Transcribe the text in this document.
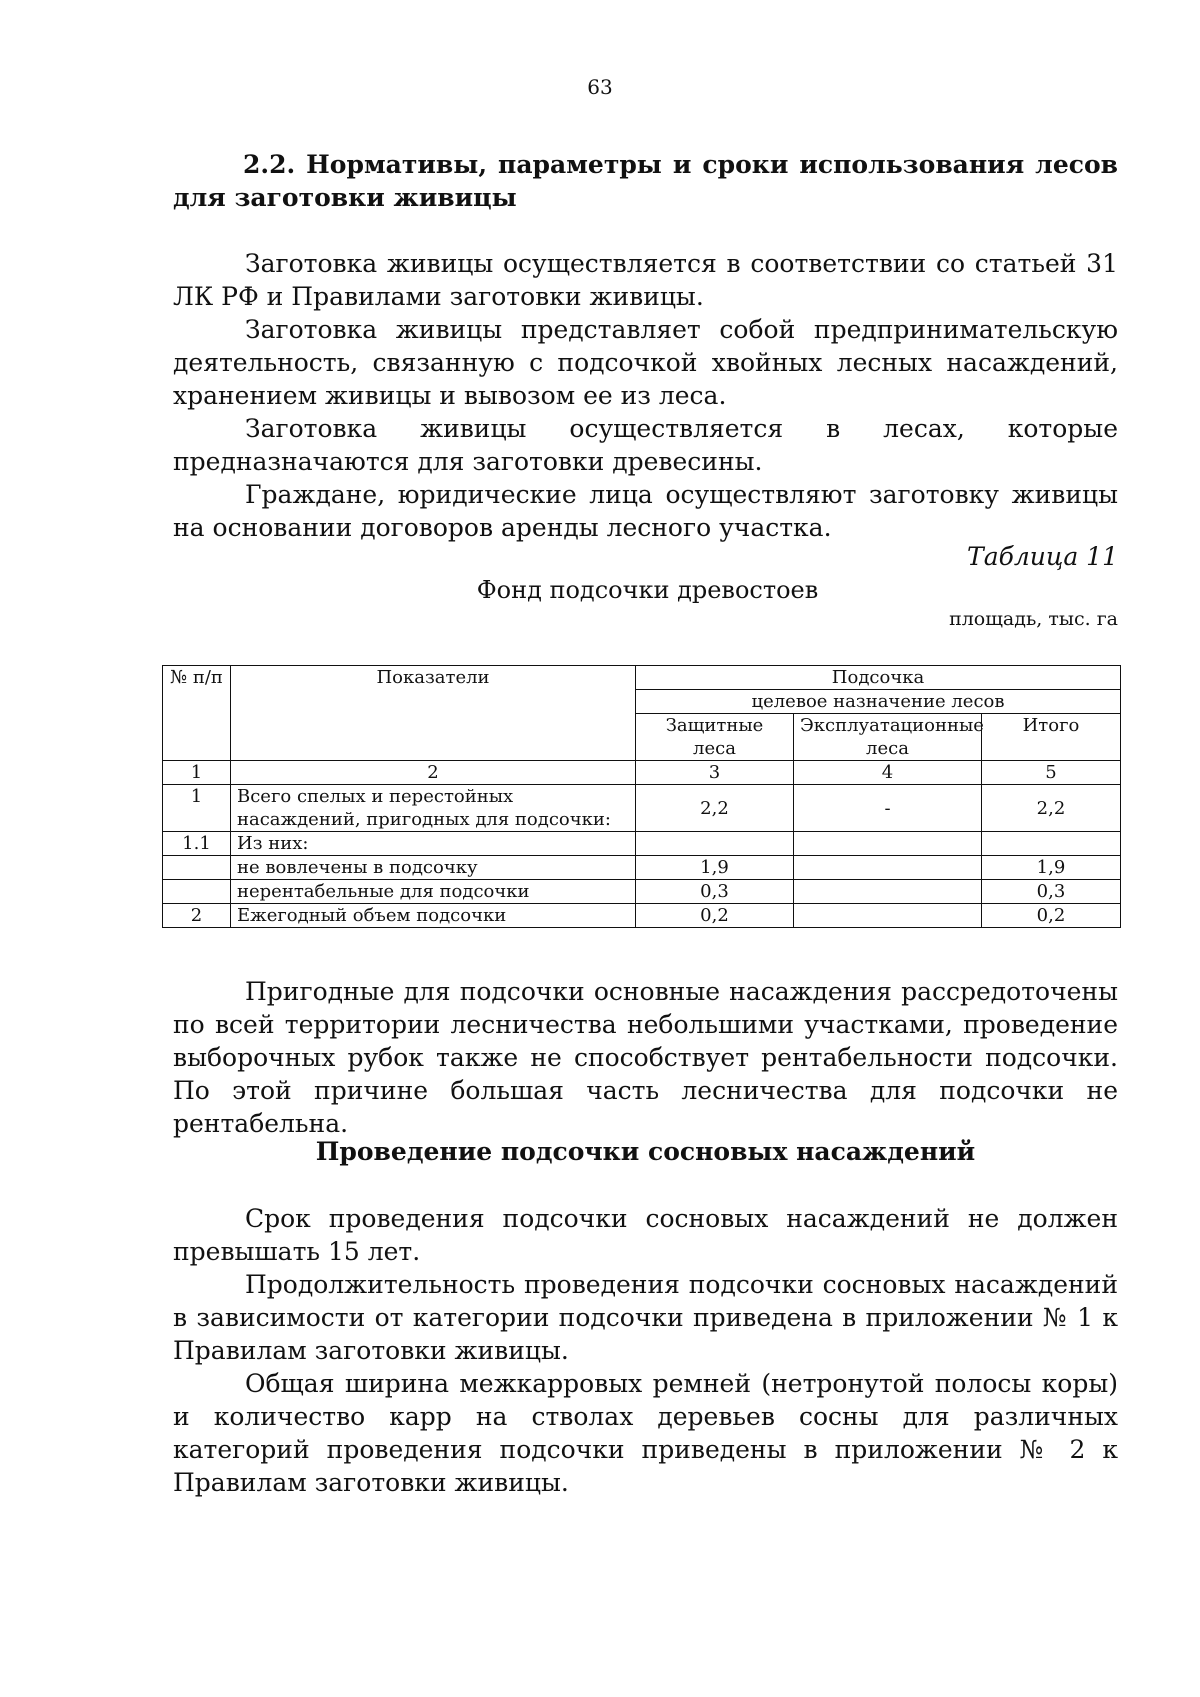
63
2.2. Нормативы, параметры и сроки использования лесов для заготовки живицы

Заготовка живицы осуществляется в соответствии со статьей 31 ЛК РФ и Правилами заготовки живицы.

Заготовка живицы представляет собой предпринимательскую деятельность, связанную с подсочкой хвойных лесных насаждений, хранением живицы и вывозом ее из леса.

Заготовка живицы осуществляется в лесах, которые предназначаются для заготовки древесины.

Граждане, юридические лица осуществляют заготовку живицы на основании договоров аренды лесного участка.

Таблица 11
Фонд подсочки древостоев
площадь, тыс. га
№ п/п	Показатели	Подсочка		
		целевое назначение лесов		
		Защитные леса	Эксплуатационные леса	Итого
1	2	3	4	5
1	Всего спелых и перестойных насаждений, пригодных для подсочки:	2,2	-	2,2
1.1	Из них:			
	не вовлечены в подсочку	1,9		1,9
	нерентабельные для подсочки	0,3		0,3
2	Ежегодный объем подсочки	0,2		0,2

Пригодные для подсочки основные насаждения рассредоточены по всей территории лесничества небольшими участками, проведение выборочных рубок также не способствует рентабельности подсочки. По этой причине большая часть лесничества для подсочки не рентабельна.

Проведение подсочки сосновых насаждений

Срок проведения подсочки сосновых насаждений не должен превышать 15 лет.

Продолжительность проведения подсочки сосновых насаждений в зависимости от категории подсочки приведена в приложении № 1 к Правилам заготовки живицы.

Общая ширина межкарровых ремней (нетронутой полосы коры) и количество карр на стволах деревьев сосны для различных категорий проведения подсочки приведены в приложении № 2 к Правилам заготовки живицы.
